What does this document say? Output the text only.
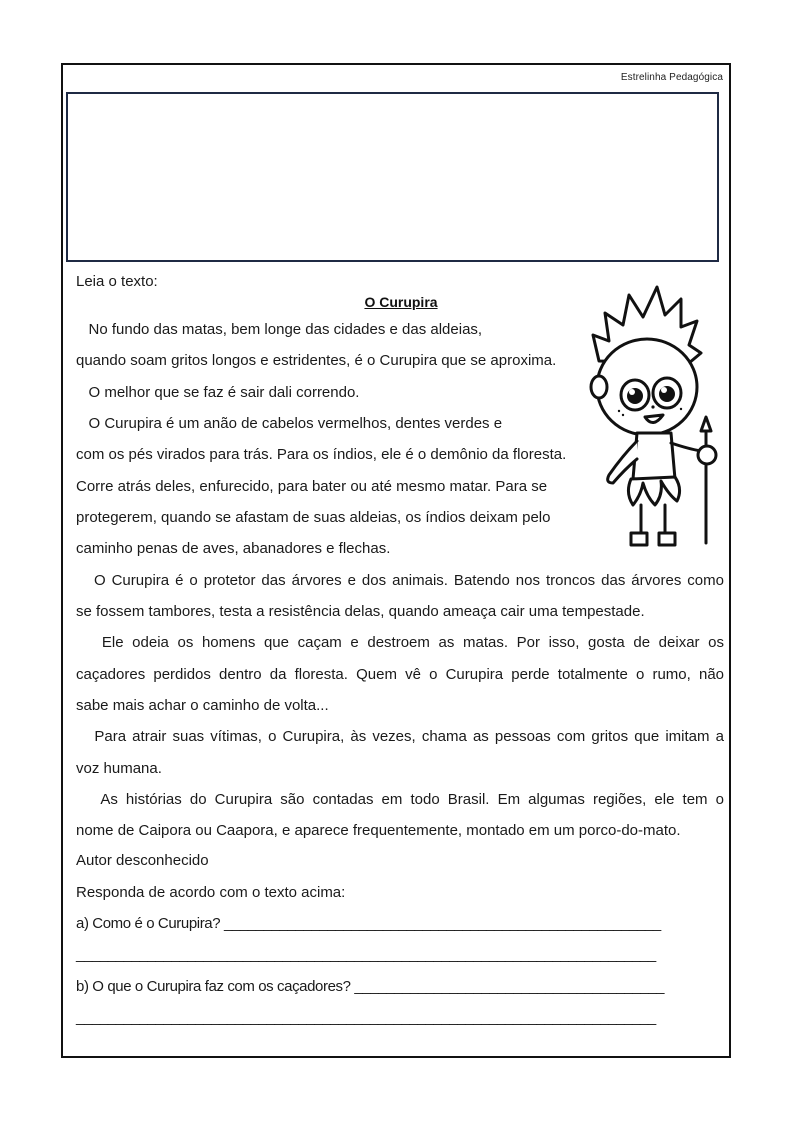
Estrelinha Pedagógica
Leia o texto:
O Curupira
No fundo das matas, bem longe das cidades e das aldeias,
quando soam gritos longos e estridentes, é o Curupira que se aproxima.
O melhor que se faz é sair dali correndo.
O Curupira é um anão de cabelos vermelhos, dentes verdes e
com os pés virados para trás. Para os índios, ele é o demônio da floresta.
Corre atrás deles, enfurecido, para bater ou até mesmo matar. Para se
protegerem, quando se afastam de suas aldeias, os índios deixam pelo
caminho penas de aves, abanadores e flechas.
O Curupira é o protetor das árvores e dos animais. Batendo nos troncos das árvores como
se fossem tambores, testa a resistência delas, quando ameaça cair uma tempestade.
Ele odeia os homens que caçam e destroem as matas. Por isso, gosta de deixar os
caçadores perdidos dentro da floresta. Quem vê o Curupira perde totalmente o rumo, não
sabe mais achar o caminho de volta...
Para atrair suas vítimas, o Curupira, às vezes, chama as pessoas com gritos que imitam a
voz humana.
As histórias do Curupira são contadas em todo Brasil. Em algumas regiões, ele tem o
nome de Caipora ou Caapora, e aparece frequentemente, montado em um porco-do-mato.
Autor desconhecido
Responda de acordo com o texto acima:
a) Como é o Curupira? _______________________________________________________
_________________________________________________________________________
b) O que o Curupira faz com os caçadores? _______________________________________
_________________________________________________________________________
